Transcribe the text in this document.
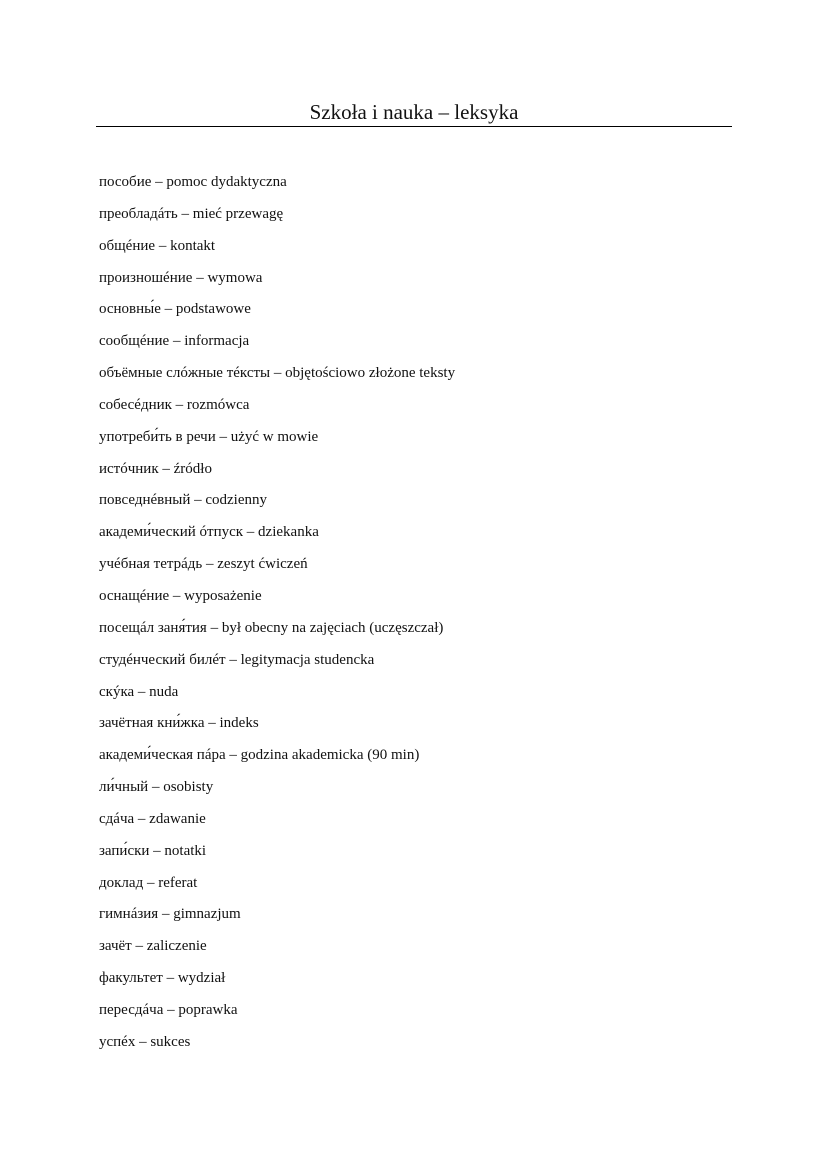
Szkoła i nauka – leksyka
пособие – pomoc dydaktyczna
преобладáть – mieć przewagę
общéние – kontakt
произношéние – wymowa
основны́е – podstawowe
сообщéние – informacja
объёмные слóжные тéксты – objętościowo złożone teksty
собесéдник – rozmówca
употреби́ть в речи – użyć w mowie
истóчник – źródło
повседнéвный – codzienny
академи́ческий óтпуск – dziekanka
учéбная тетрáдь – zeszyt ćwiczeń
оснащéние – wyposażenie
посещáл заня́тия – był obecny na zajęciach (uczęszczał)
студéнческий билéт – legitymacja studencka
скýка – nuda
зачётная кни́жка – indeks
академи́ческая пáра – godzina akademicka (90 min)
ли́чный – osobisty
сдáча – zdawanie
запи́ски – notatki
доклад – referat
гимнáзия – gimnazjum
зачёт – zaliczenie
факультет – wydział
пересдáча – poprawka
успéх – sukces
